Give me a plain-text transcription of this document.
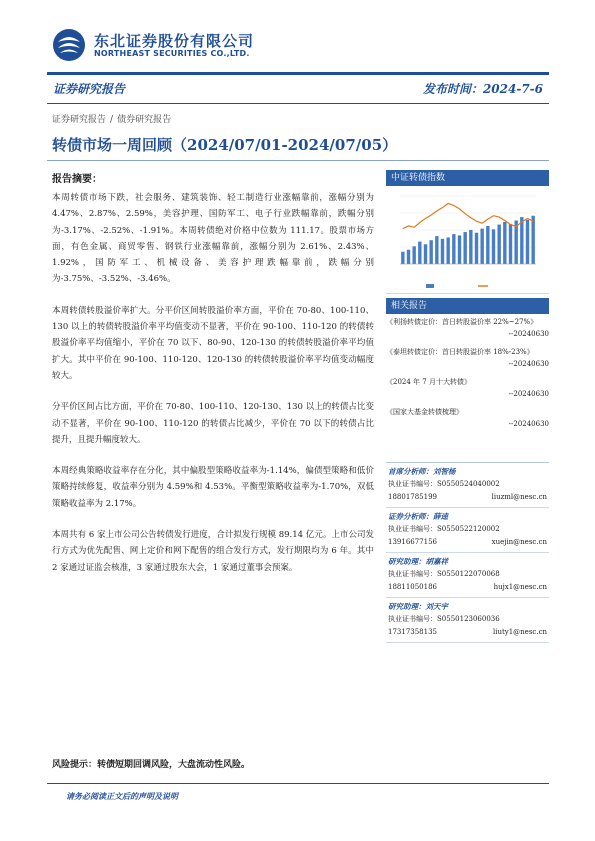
东北证券股份有限公司
NORTHEAST SECURITIES CO.,LTD.
证券研究报告	发布时间：2024-7-6
证券研究报告 / 债券研究报告
转债市场一周回顾（2024/07/01-2024/07/05）
报告摘要：

本周转债市场下跌，社会服务、建筑装饰、轻工制造行业涨幅靠前，涨幅分别为 4.47%、2.87%、2.59%，美容护理、国防军工、电子行业跌幅靠前，跌幅分别为-3.17%、-2.52%、-1.91%。本周转债绝对价格中位数为 111.17。股票市场方面，有色金属、商贸零售、钢铁行业涨幅靠前，涨幅分别为 2.61%、2.43%、1.92%，国防军工、机械设备、美容护理跌幅靠前，跌幅分别为-3.75%、-3.52%、-3.46%。

本周转债转股溢价率扩大。分平价区间转股溢价率方面，平价在 70-80、100-110、130 以上的转债转股溢价率平均值变动不显著，平价在 90-100、110-120 的转债转股溢价率平均值缩小，平价在 70 以下、80-90、120-130 的转债转股溢价率平均值扩大。其中平价在 90-100、110-120、120-130 的转债转股溢价率平均值变动幅度较大。

分平价区间占比方面，平价在 70-80、100-110、120-130、130 以上的转债占比变动不显著，平价在 90-100、110-120 的转债占比减少，平价在 70 以下的转债占比提升，且提升幅度较大。

本周经典策略收益率存在分化，其中偏股型策略收益率为-1.14%，偏债型策略和低价策略持续修复，收益率分别为 4.59%和 4.53%。平衡型策略收益率为-1.70%，双低策略收益率为 2.17%。

本周共有 6 家上市公司公告转债发行进度，合计拟发行规模 89.14 亿元。上市公司发行方式为优先配售、网上定价和网下配售的组合发行方式，发行期限均为 6 年。其中 2 家通过证监会核准，3 家通过股东大会，1 家通过董事会预案。

风险提示：转债短期回调风险，大盘流动性风险。
请务必阅读正文后的声明及说明
中证转债指数
相关报告
《利扬转债定价：首日转股溢价率 22%~27%》
--20240630
《泰坦转债定价：首日转股溢价率 18%-23%》
--20240630
《2024 年 7 月十大转债》
--20240630
《国家大基金转债梳理》
--20240630
首席分析师：刘智杨
执业证书编号：S0550524040002
18801785199	liuzml@nesc.cn
证券分析师：薛逵
执业证书编号：S0550522120002
13916677156	xuejin@nesc.cn
研究助理：胡嘉祥
执业证书编号：S0550122070068
18811050186	hujx1@nesc.cn
研究助理：刘天宇
执业证书编号：S0550123060036
17317358135	liuty1@nesc.cn
